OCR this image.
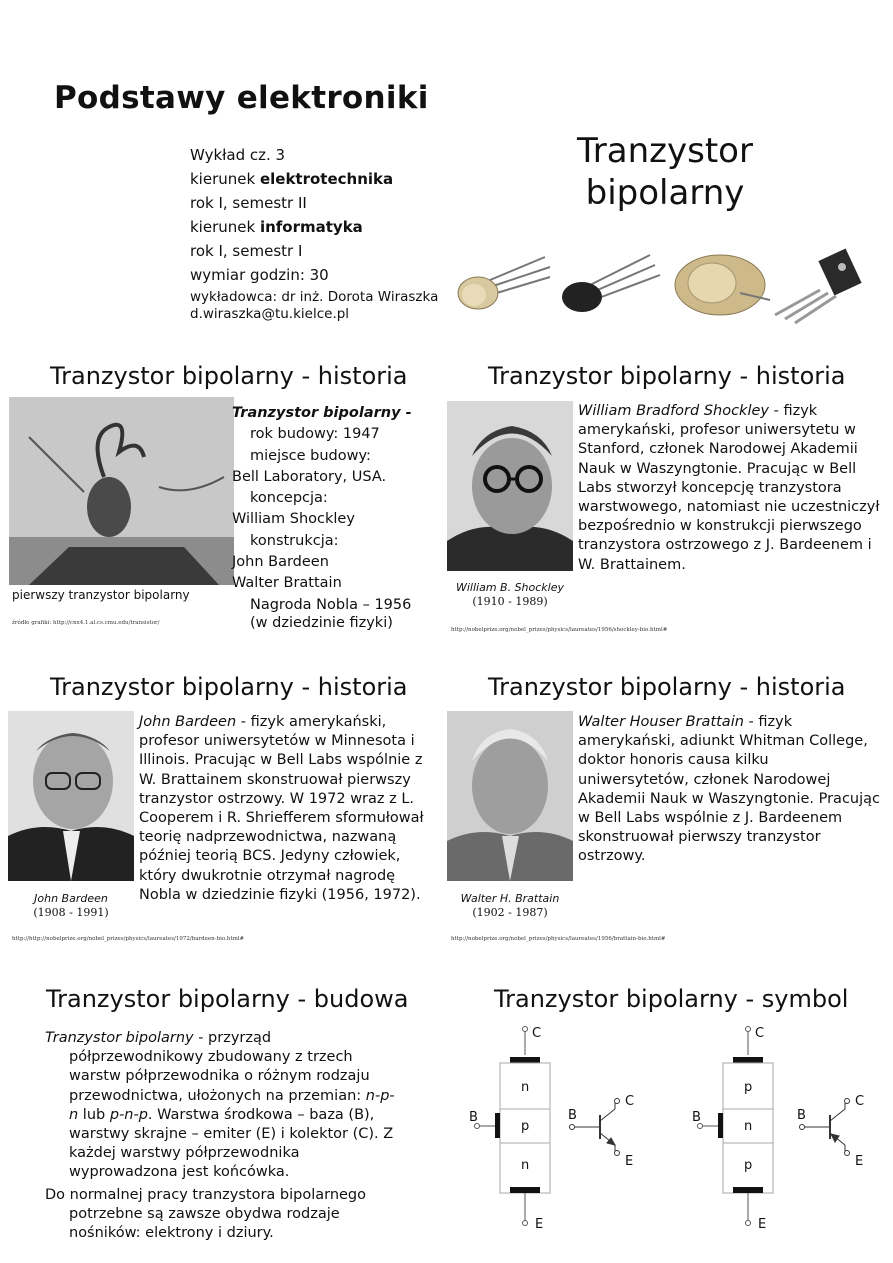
Podstawy elektroniki
Wykład cz. 3
kierunek elektrotechnika
rok I, semestr II
kierunek informatyka
rok I, semestr I
wymiar godzin: 30
wykładowca: dr inż. Dorota Wiraszka
d.wiraszka@tu.kielce.pl
Tranzystor
bipolarny
Tranzystor bipolarny - historia
pierwszy tranzystor bipolarny
źródło grafiki: http://cnx4.1.al.cs.cmu.edu/transistor/
Tranzystor bipolarny -
rok budowy: 1947
miejsce budowy:
Bell Laboratory, USA.
koncepcja:
William Shockley
konstrukcja:
John Bardeen
Walter Brattain
Nagroda Nobla – 1956
(w dziedzinie fizyki)
Tranzystor bipolarny - historia
William B. Shockley
(1910 - 1989)
http://nobelprize.org/nobel_prizes/physics/laureates/1956/shockley-bio.html#
William Bradford Shockley - fizyk amerykański, profesor uniwersytetu w Stanford, członek Narodowej Akademii Nauk w Waszyngtonie. Pracując w Bell Labs stworzył koncepcję tranzystora warstwowego, natomiast nie uczestniczył bezpośrednio w konstrukcji pierwszego tranzystora ostrzowego z J. Bardeenem i W. Brattainem.
Tranzystor bipolarny - historia
John Bardeen
(1908 - 1991)
http://http://nobelprize.org/nobel_prizes/physics/laureates/1972/bardeen-bio.html#
John Bardeen - fizyk amerykański, profesor uniwersytetów w Minnesota i Illinois. Pracując w Bell Labs wspólnie z W. Brattainem skonstruował pierwszy tranzystor ostrzowy. W 1972 wraz z L. Cooperem i R. Shriefferem sformułował teorię nadprzewodnictwa, nazwaną później teorią BCS. Jedyny człowiek, który dwukrotnie otrzymał nagrodę Nobla w dziedzinie fizyki (1956, 1972).
Tranzystor bipolarny - historia
Walter H. Brattain
(1902 - 1987)
http://nobelprize.org/nobel_prizes/physics/laureates/1956/brattain-bio.html#
Walter Houser Brattain - fizyk amerykański, adiunkt Whitman College, doktor honoris causa kilku uniwersytetów, członek Narodowej Akademii Nauk w Waszyngtonie. Pracując w Bell Labs wspólnie z J. Bardeenem skonstruował pierwszy tranzystor ostrzowy.
Tranzystor bipolarny - budowa

Tranzystor bipolarny - przyrząd półprzewodnikowy zbudowany z trzech warstw półprzewodnika o różnym rodzaju przewodnictwa, ułożonych na przemian: n-p-n lub p-n-p. Warstwa środkowa – baza (B), warstwy skrajne – emiter (E) i kolektor (C). Z każdej warstwy półprzewodnika wyprowadzona jest końcówka.

Do normalnej pracy tranzystora bipolarnego potrzebne są zawsze obydwa rodzaje nośników: elektrony i dziury.

Tranzystor bipolarny - symbol
C
n
p
n
B
E
B
C
E
C
p
n
p
B
E
B
C
E
